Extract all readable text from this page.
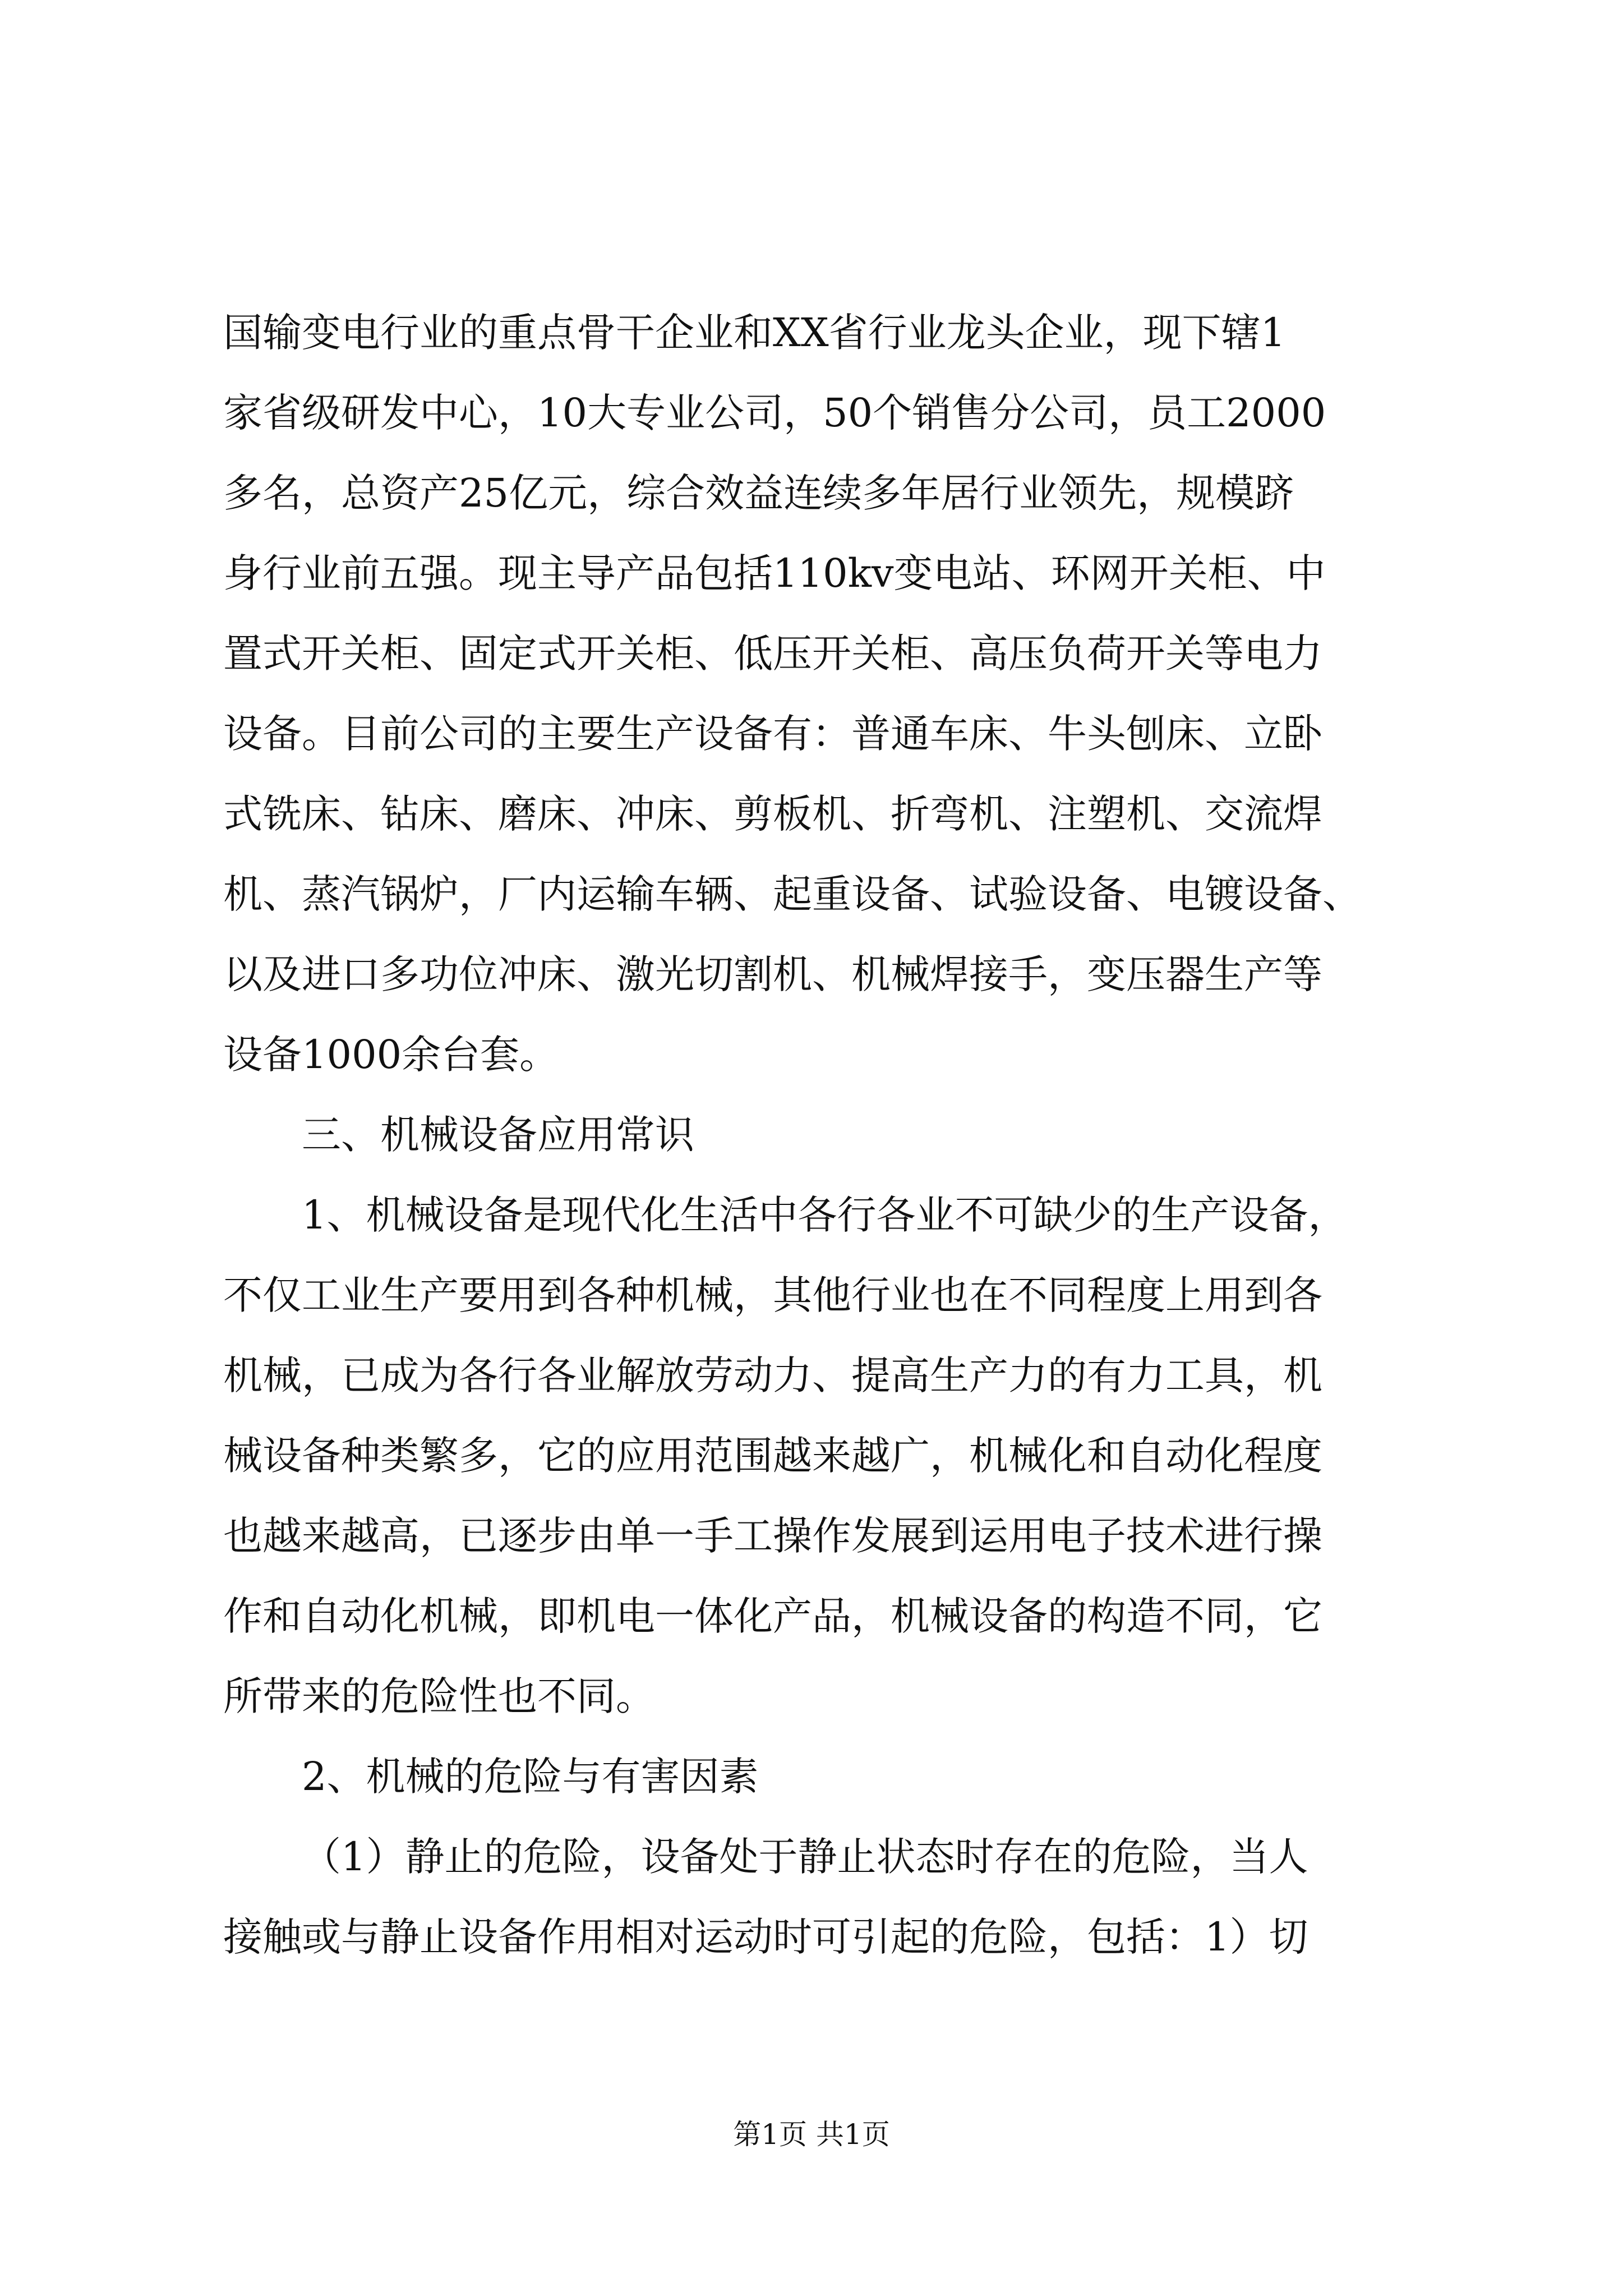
国输变电行业的重点骨干企业和XX省行业龙头企业，现下辖1
家省级研发中心，10大专业公司，50个销售分公司，员工2000
多名，总资产25亿元，综合效益连续多年居行业领先，规模跻
身行业前五强。现主导产品包括110kv变电站、环网开关柜、中
置式开关柜、固定式开关柜、低压开关柜、高压负荷开关等电力
设备。目前公司的主要生产设备有：普通车床、牛头刨床、立卧
式铣床、钻床、磨床、冲床、剪板机、折弯机、注塑机、交流焊
机、蒸汽锅炉，厂内运输车辆、起重设备、试验设备、电镀设备、
以及进口多功位冲床、激光切割机、机械焊接手，变压器生产等
设备1000余台套。
三、机械设备应用常识
1、机械设备是现代化生活中各行各业不可缺少的生产设备，
不仅工业生产要用到各种机械，其他行业也在不同程度上用到各
机械，已成为各行各业解放劳动力、提高生产力的有力工具，机
械设备种类繁多，它的应用范围越来越广，机械化和自动化程度
也越来越高，已逐步由单一手工操作发展到运用电子技术进行操
作和自动化机械，即机电一体化产品，机械设备的构造不同，它
所带来的危险性也不同。
2、机械的危险与有害因素
（1）静止的危险，设备处于静止状态时存在的危险，当人
接触或与静止设备作用相对运动时可引起的危险，包括：1）切
第1页 共1页
